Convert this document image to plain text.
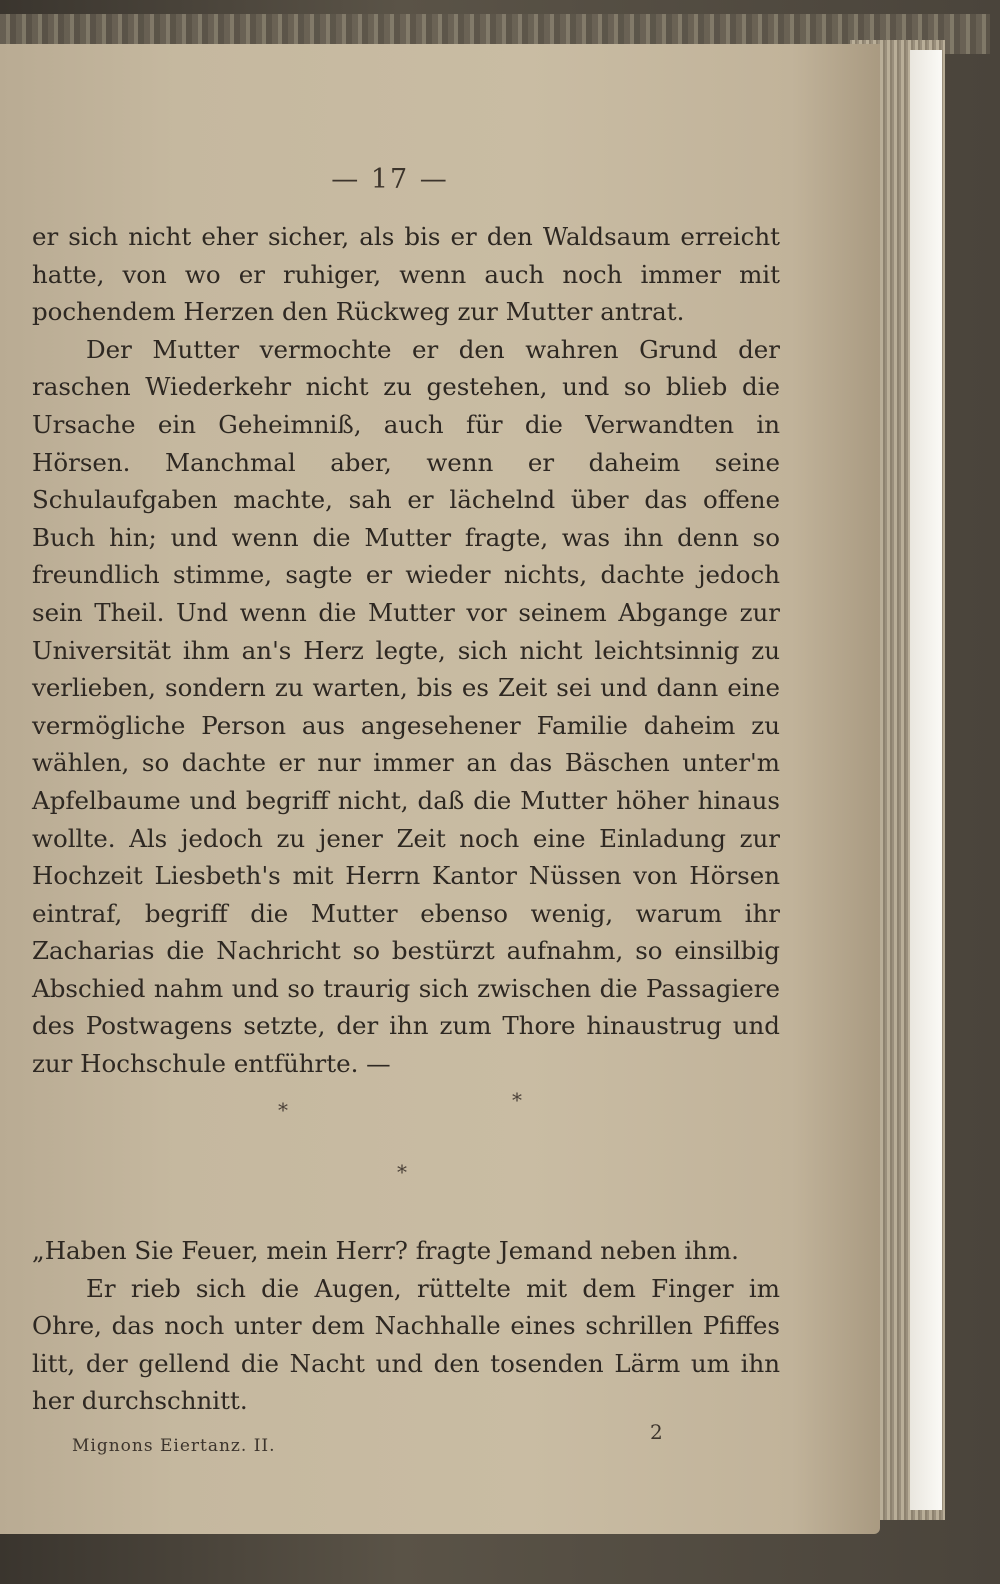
— 17 —

er sich nicht eher sicher, als bis er den Waldsaum erreicht hatte, von wo er ruhiger, wenn auch noch immer mit pochendem Herzen den Rückweg zur Mutter antrat.

Der Mutter vermochte er den wahren Grund der raschen Wiederkehr nicht zu gestehen, und so blieb die Ursache ein Geheimniß, auch für die Verwandten in Hörsen. Manchmal aber, wenn er daheim seine Schulaufgaben machte, sah er lächelnd über das offene Buch hin; und wenn die Mutter fragte, was ihn denn so freundlich stimme, sagte er wieder nichts, dachte jedoch sein Theil. Und wenn die Mutter vor seinem Abgange zur Universität ihm an's Herz legte, sich nicht leichtsinnig zu verlieben, sondern zu warten, bis es Zeit sei und dann eine vermögliche Person aus angesehener Familie daheim zu wählen, so dachte er nur immer an das Bäschen unter'm Apfelbaume und begriff nicht, daß die Mutter höher hinaus wollte. Als jedoch zu jener Zeit noch eine Einladung zur Hochzeit Liesbeth's mit Herrn Kantor Nüssen von Hörsen eintraf, begriff die Mutter ebenso wenig, warum ihr Zacharias die Nachricht so bestürzt aufnahm, so einsilbig Abschied nahm und so traurig sich zwischen die Passagiere des Postwagens setzte, der ihn zum Thore hinaustrug und zur Hochschule entführte. —

*	*
*

„Haben Sie Feuer, mein Herr? fragte Jemand neben ihm.

Er rieb sich die Augen, rüttelte mit dem Finger im Ohre, das noch unter dem Nachhalle eines schrillen Pfiffes litt, der gellend die Nacht und den tosenden Lärm um ihn her durchschnitt.

Mignons Eiertanz. II.
2
